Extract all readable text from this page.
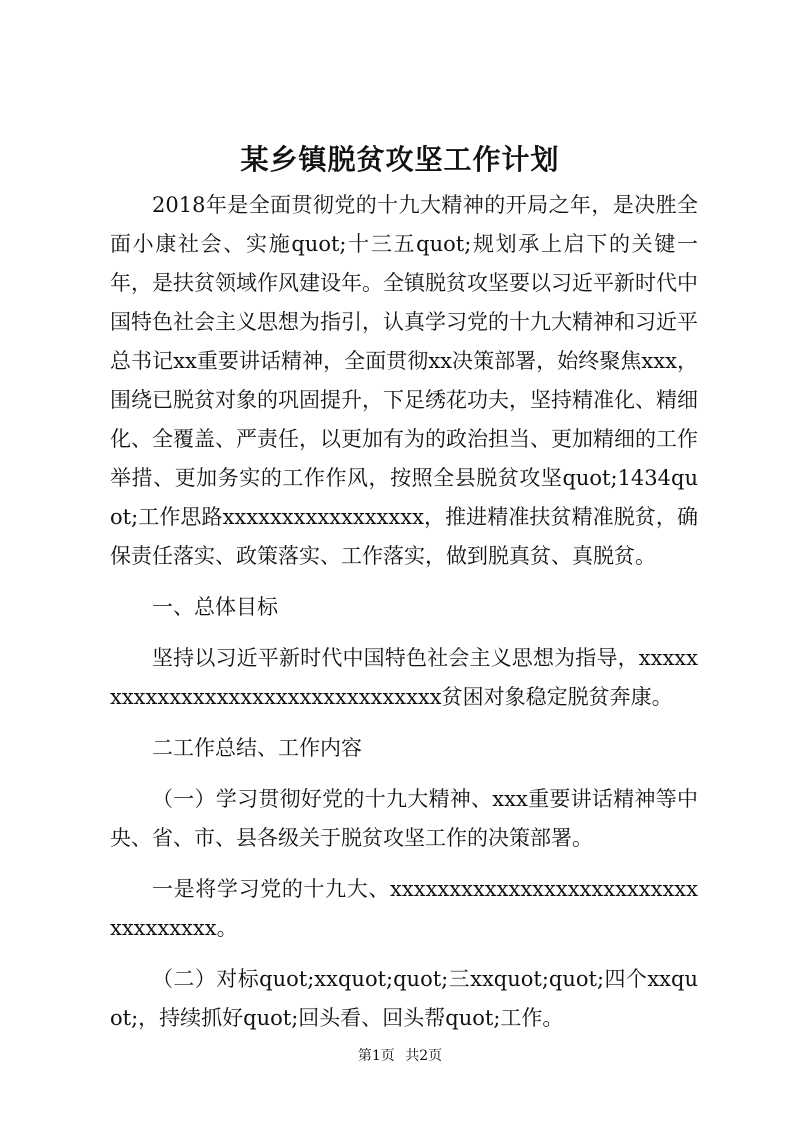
某乡镇脱贫攻坚工作计划

2018年是全面贯彻党的十九大精神的开局之年，是决胜全面小康社会、实施quot;十三五quot;规划承上启下的关键一年，是扶贫领域作风建设年。全镇脱贫攻坚要以习近平新时代中国特色社会主义思想为指引，认真学习党的十九大精神和习近平总书记xx重要讲话精神，全面贯彻xx决策部署，始终聚焦xxx，围绕已脱贫对象的巩固提升，下足绣花功夫，坚持精准化、精细化、全覆盖、严责任，以更加有为的政治担当、更加精细的工作举措、更加务实的工作作风，按照全县脱贫攻坚quot;1434quot;工作思路xxxxxxxxxxxxxxxxx，推进精准扶贫精准脱贫，确保责任落实、政策落实、工作落实，做到脱真贫、真脱贫。

一、总体目标

坚持以习近平新时代中国特色社会主义思想为指导，xxxxxxxxxxxxxxxxxxxxxxxxxxxxxxxxx贫困对象稳定脱贫奔康。

二工作总结、工作内容

（一）学习贯彻好党的十九大精神、xxx重要讲话精神等中央、省、市、县各级关于脱贫攻坚工作的决策部署。

一是将学习党的十九大、xxxxxxxxxxxxxxxxxxxxxxxxxxxxxxxxxxx。

（二）对标quot;xxquot;quot;三xxquot;quot;四个xxquot;，持续抓好quot;回头看、回头帮quot;工作。

第1页 共2页
